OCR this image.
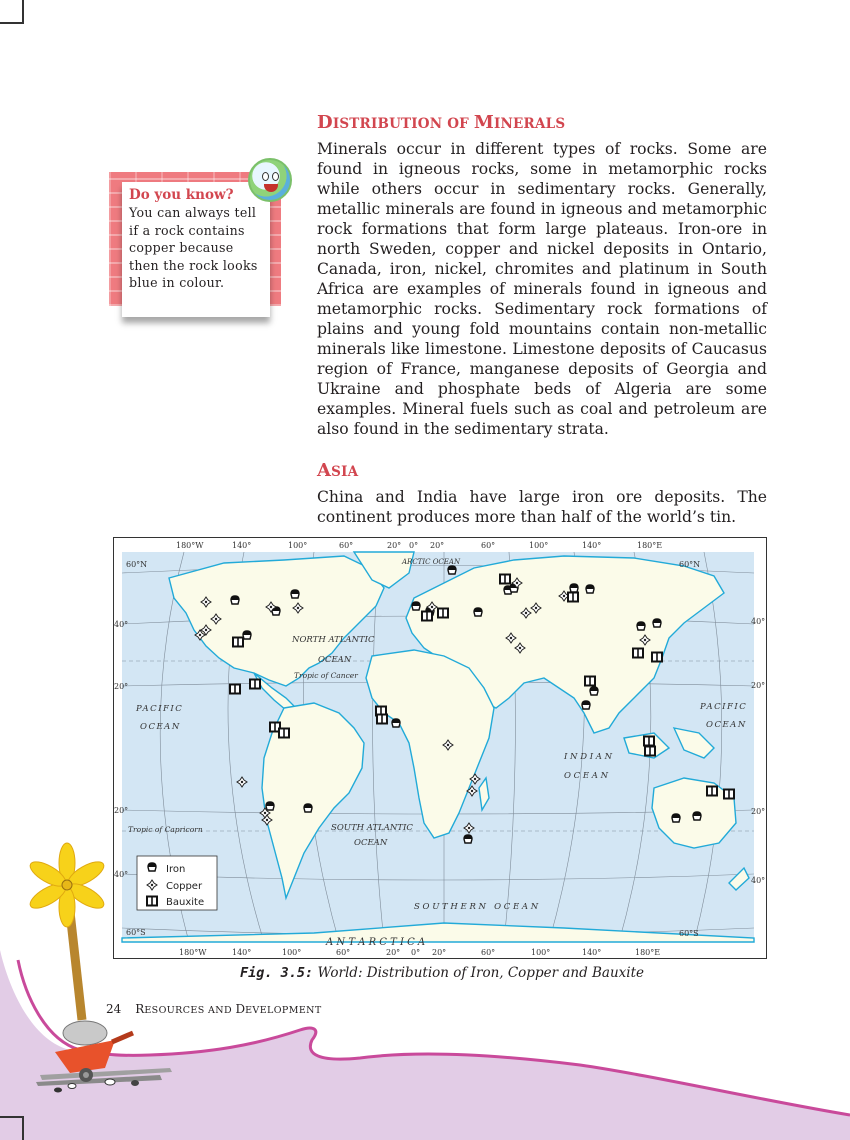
DISTRIBUTION OF MINERALS

Minerals occur in different types of rocks. Some are found in igneous rocks, some in metamorphic rocks while others occur in sedimentary rocks. Generally, metallic minerals are found in igneous and metamorphic rock formations that form large plateaus. Iron-ore in north Sweden, copper and nickel deposits in Ontario, Canada, iron, nickel, chromites and platinum in South Africa are examples of minerals found in igneous and metamorphic rocks. Sedimentary rock formations of plains and young fold mountains contain non-metallic minerals like limestone. Limestone deposits of Caucasus region of France, manganese deposits of Georgia and Ukraine and phosphate beds of Algeria are some examples. Mineral fuels such as coal and petroleum are also found in the sedimentary strata.

Do you know?
You can always tell if a rock contains copper because then the rock looks blue in colour.
ASIA

China and India have large iron ore deposits. The continent produces more than half of the world’s tin.

60°N
40°
20°
20°
40°
60°S
60°N
40°
20°
20°
40°
60°S
180°W	140°	100°	60°	20° 0° 20°	60°	100°	140°	180°E
180°W	140°	100°	60°	20° 0° 20°	60°	100°	140°	180°E
ARCTIC OCEAN
NORTH ATLANTIC
OCEAN
Tropic of Cancer
PACIFIC
OCEAN
PACIFIC
OCEAN
I N D I A N
O C E A N
SOUTH ATLANTIC
OCEAN
Tropic of Capricorn
S O U T H E R N   O C E A N
A N T A R C T I C A
Iron
Copper
Bauxite
Fig. 3.5: World: Distribution of Iron, Copper and Bauxite
24 RESOURCES AND DEVELOPMENT
